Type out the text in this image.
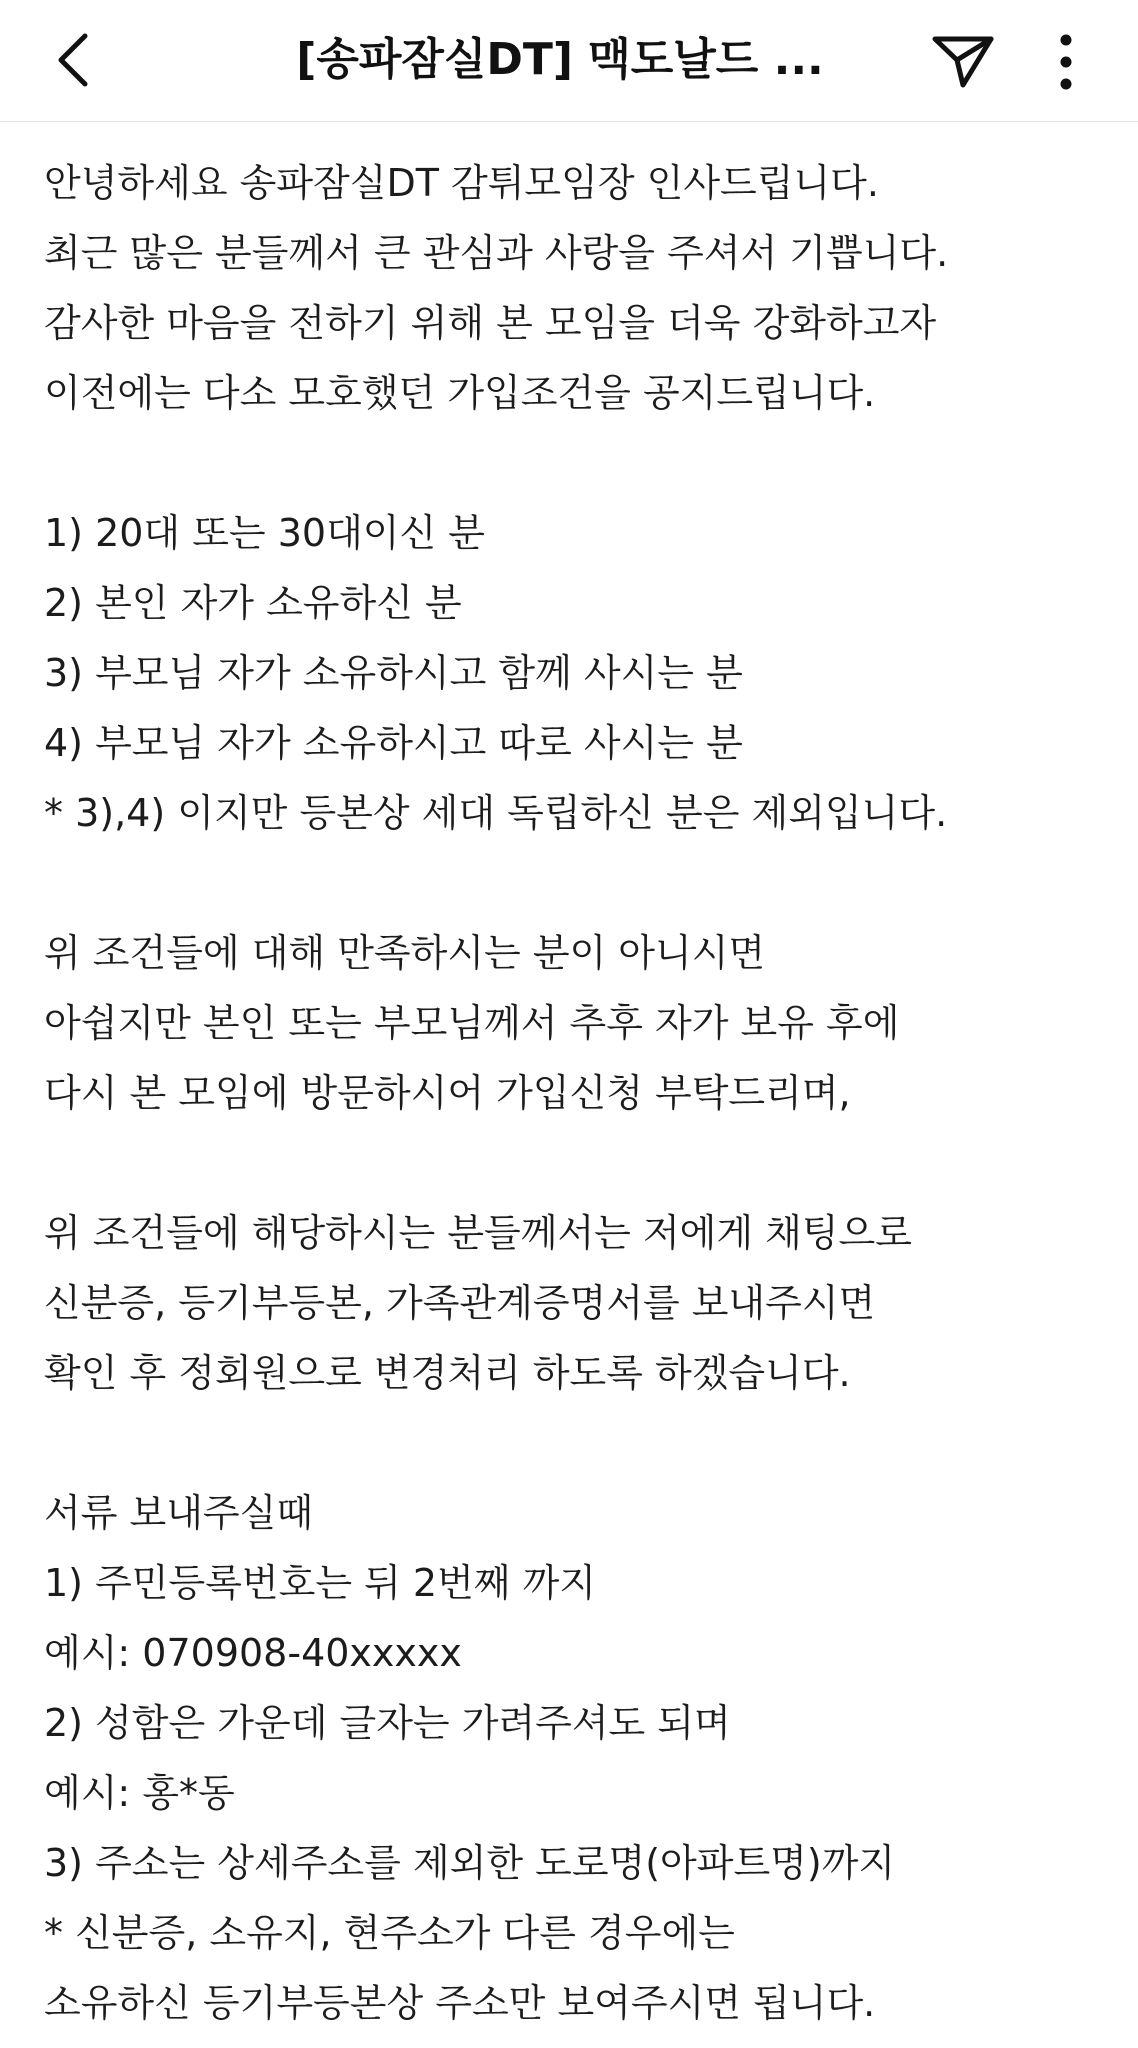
[송파잠실DT] 맥도날드 ...
안녕하세요 송파잠실DT 감튀모임장 인사드립니다.
최근 많은 분들께서 큰 관심과 사랑을 주셔서 기쁩니다.
감사한 마음을 전하기 위해 본 모임을 더욱 강화하고자
이전에는 다소 모호했던 가입조건을 공지드립니다.
1) 20대 또는 30대이신 분
2) 본인 자가 소유하신 분
3) 부모님 자가 소유하시고 함께 사시는 분
4) 부모님 자가 소유하시고 따로 사시는 분
* 3),4) 이지만 등본상 세대 독립하신 분은 제외입니다.
위 조건들에 대해 만족하시는 분이 아니시면
아쉽지만 본인 또는 부모님께서 추후 자가 보유 후에
다시 본 모임에 방문하시어 가입신청 부탁드리며,
위 조건들에 해당하시는 분들께서는 저에게 채팅으로
신분증, 등기부등본, 가족관계증명서를 보내주시면
확인 후 정회원으로 변경처리 하도록 하겠습니다.
서류 보내주실때
1) 주민등록번호는 뒤 2번째 까지
예시: 070908-40xxxxx
2) 성함은 가운데 글자는 가려주셔도 되며
예시: 홍*동
3) 주소는 상세주소를 제외한 도로명(아파트명)까지
* 신분증, 소유지, 현주소가 다른 경우에는
소유하신 등기부등본상 주소만 보여주시면 됩니다.
